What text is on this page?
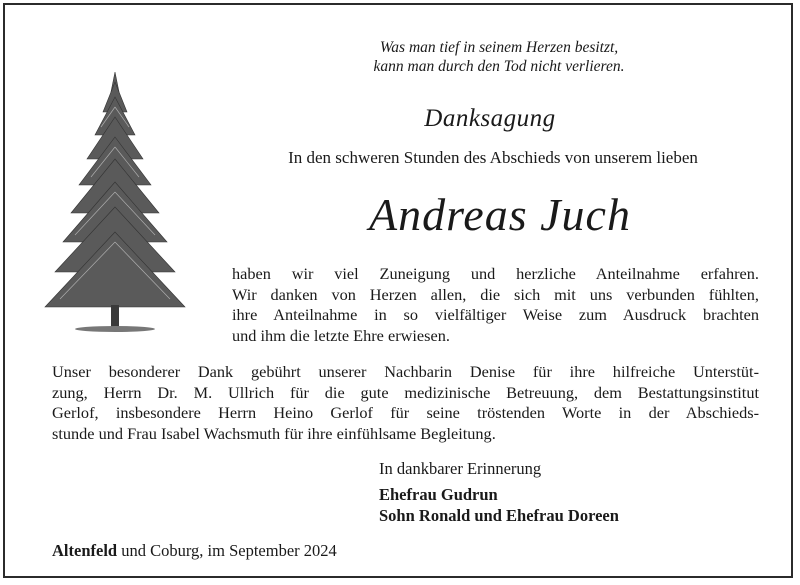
Was man tief in seinem Herzen besitzt,
kann man durch den Tod nicht verlieren.
Danksagung
In den schweren Stunden des Abschieds von unserem lieben
Andreas Juch
haben wir viel Zuneigung und herzliche Anteilnahme erfahren.
Wir danken von Herzen allen, die sich mit uns verbunden fühlten,
ihre Anteilnahme in so vielfältiger Weise zum Ausdruck brachten
und ihm die letzte Ehre erwiesen.
Unser besonderer Dank gebührt unserer Nachbarin Denise für ihre hilfreiche Unterstüt-
zung, Herrn Dr. M. Ullrich für die gute medizinische Betreuung, dem Bestattungsinstitut
Gerlof, insbesondere Herrn Heino Gerlof für seine tröstenden Worte in der Abschieds-
stunde und Frau Isabel Wachsmuth für ihre einfühlsame Begleitung.
In dankbarer Erinnerung
Ehefrau Gudrun
Sohn Ronald und Ehefrau Doreen
Altenfeld und Coburg, im September 2024
